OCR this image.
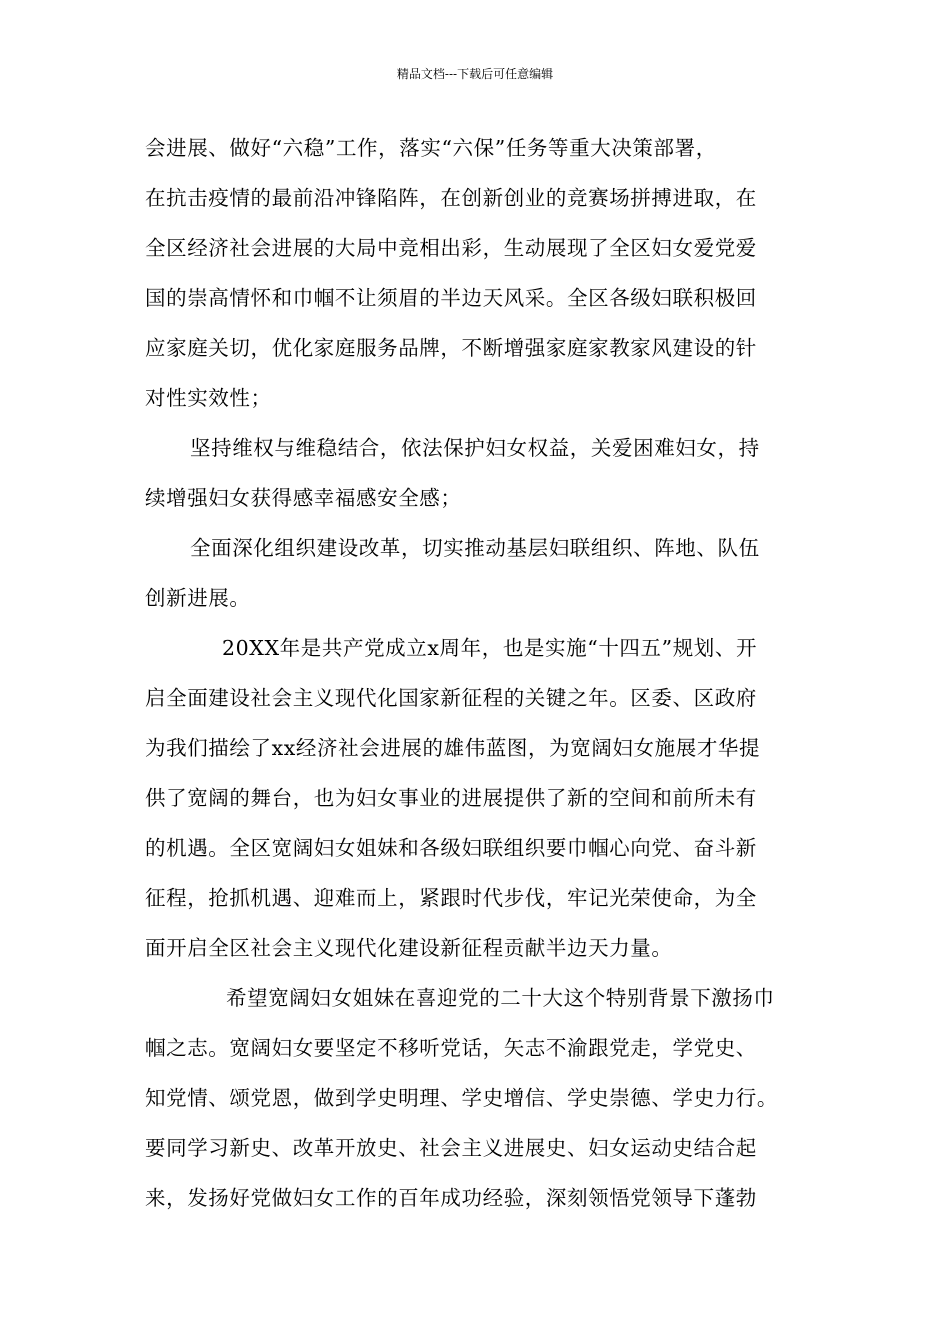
精品文档---下载后可任意编辑
会进展、做好“六稳”工作，落实“六保”任务等重大决策部署，
在抗击疫情的最前沿冲锋陷阵，在创新创业的竞赛场拼搏进取，在
全区经济社会进展的大局中竞相出彩，生动展现了全区妇女爱党爱
国的崇高情怀和巾帼不让须眉的半边天风采。全区各级妇联积极回
应家庭关切，优化家庭服务品牌，不断增强家庭家教家风建设的针
对性实效性；
坚持维权与维稳结合，依法保护妇女权益，关爱困难妇女，持
续增强妇女获得感幸福感安全感；
全面深化组织建设改革，切实推动基层妇联组织、阵地、队伍
创新进展。
20XX年是共产党成立x周年，也是实施“十四五”规划、开
启全面建设社会主义现代化国家新征程的关键之年。区委、区政府
为我们描绘了xx经济社会进展的雄伟蓝图，为宽阔妇女施展才华提
供了宽阔的舞台，也为妇女事业的进展提供了新的空间和前所未有
的机遇。全区宽阔妇女姐妹和各级妇联组织要巾帼心向党、奋斗新
征程，抢抓机遇、迎难而上，紧跟时代步伐，牢记光荣使命，为全
面开启全区社会主义现代化建设新征程贡献半边天力量。
希望宽阔妇女姐妹在喜迎党的二十大这个特别背景下激扬巾
帼之志。宽阔妇女要坚定不移听党话，矢志不渝跟党走，学党史、
知党情、颂党恩，做到学史明理、学史增信、学史崇德、学史力行。
要同学习新史、改革开放史、社会主义进展史、妇女运动史结合起
来，发扬好党做妇女工作的百年成功经验，深刻领悟党领导下蓬勃
